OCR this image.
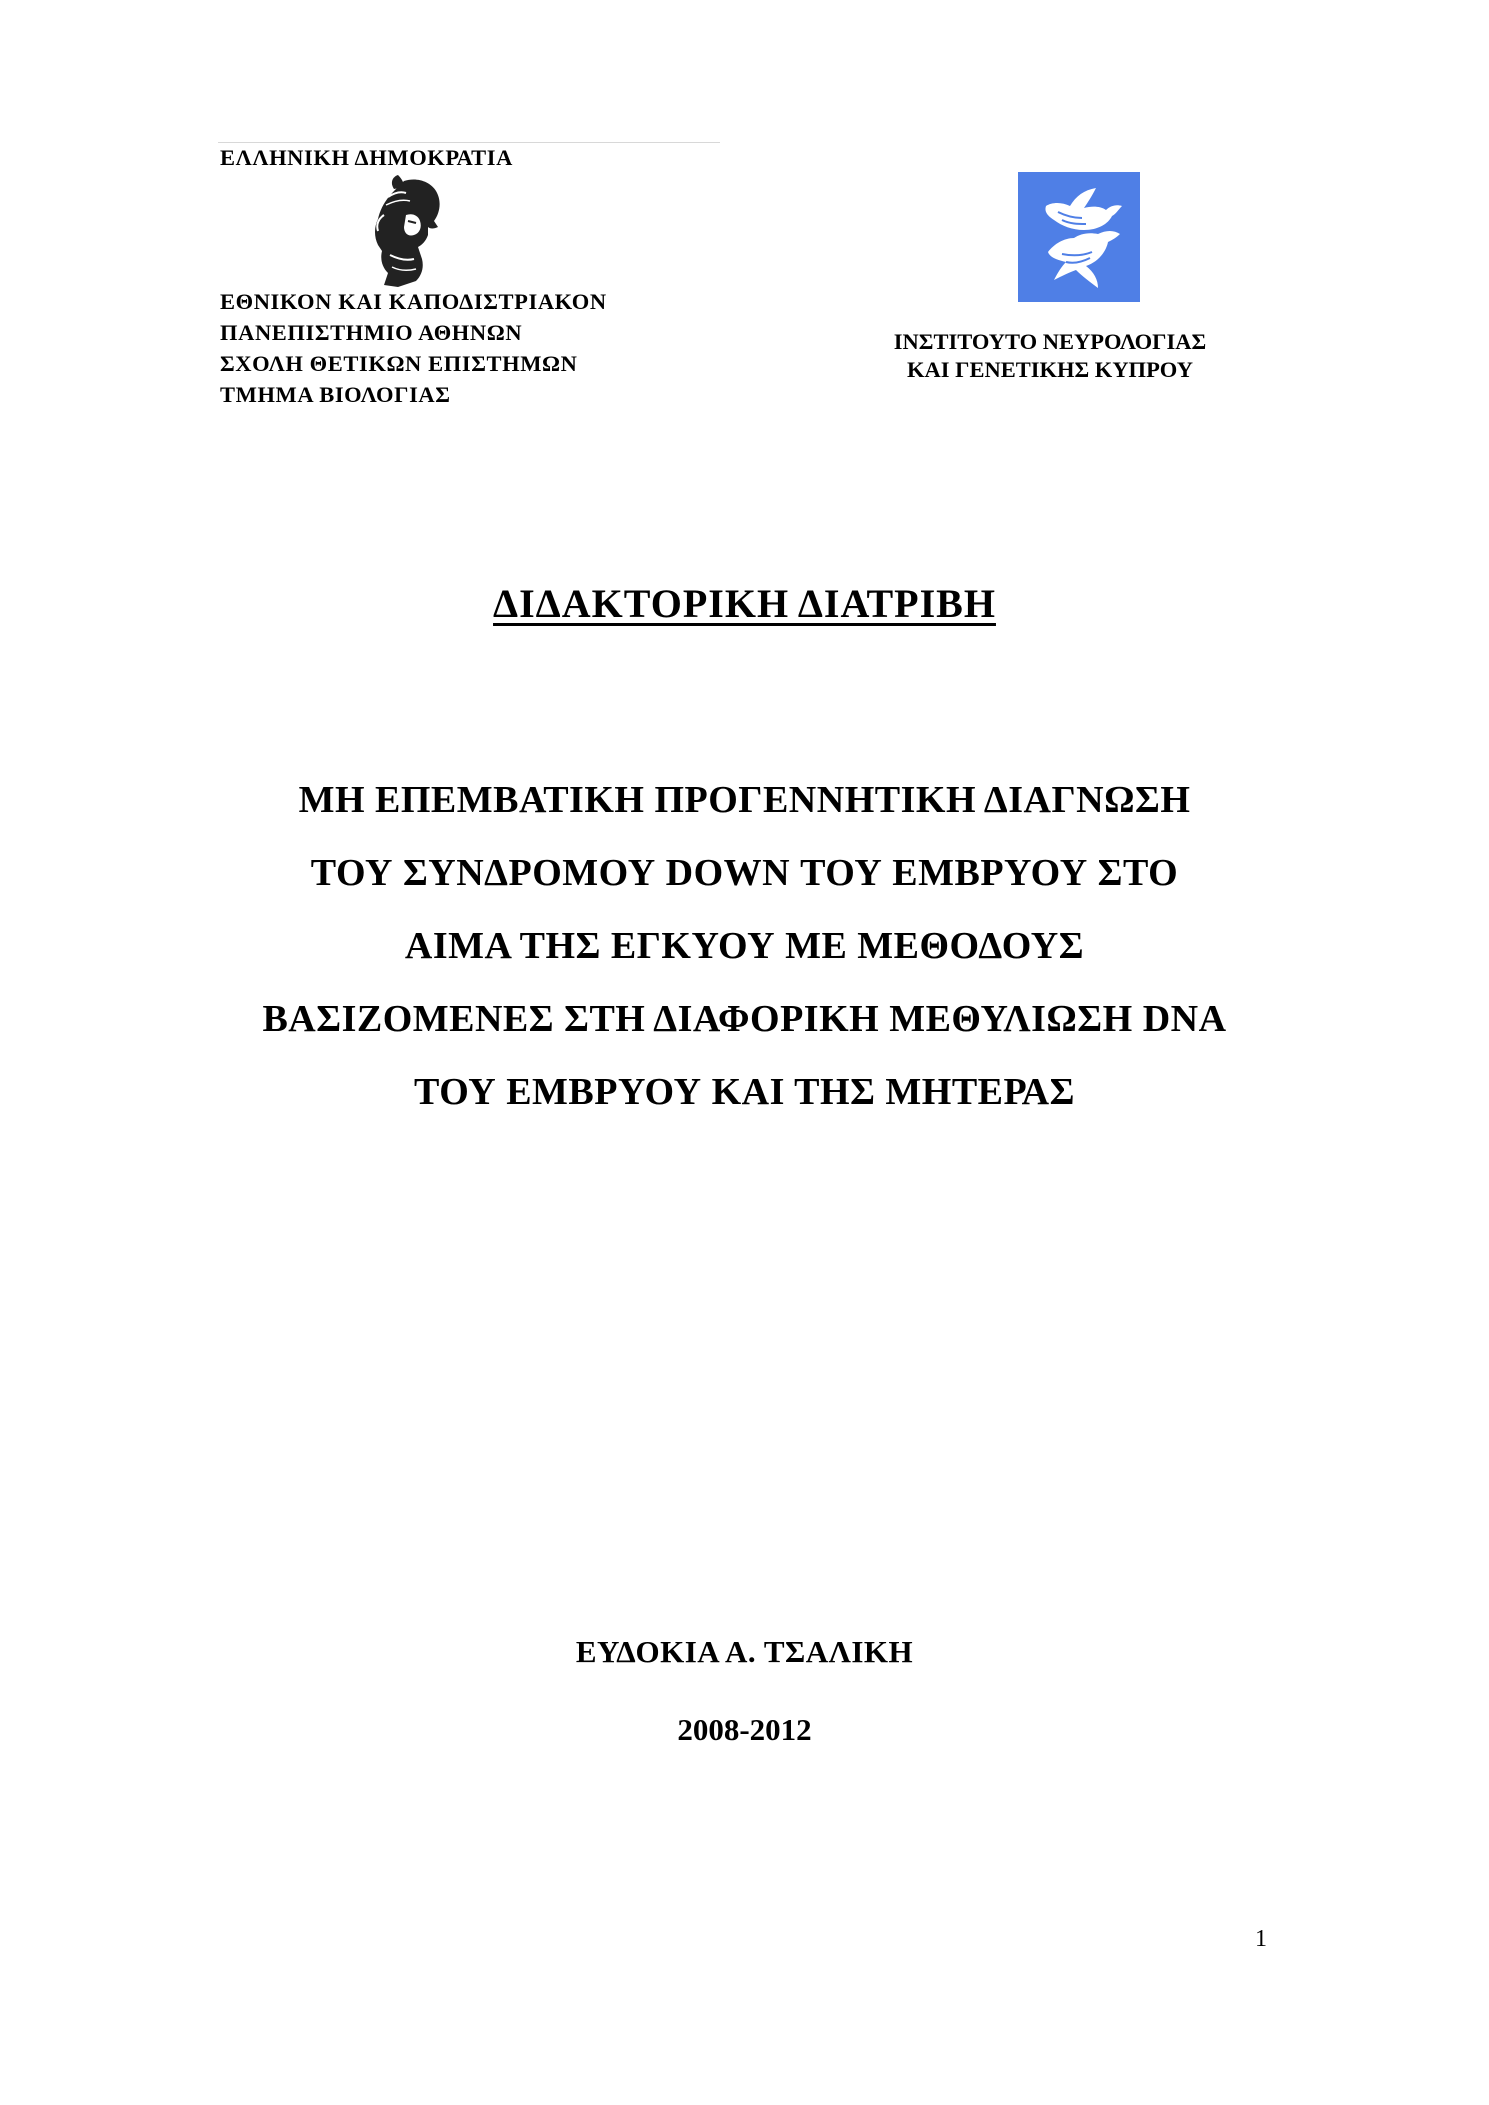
ΕΛΛΗΝΙΚΗ ΔΗΜΟΚΡΑΤΙΑ
ΕΘΝΙΚΟΝ ΚΑΙ ΚΑΠΟΔΙΣΤΡΙΑΚΟΝ
ΠΑΝΕΠΙΣΤΗΜΙΟ ΑΘΗΝΩΝ
ΣΧΟΛΗ ΘΕΤΙΚΩΝ ΕΠΙΣΤΗΜΩΝ
ΤΜΗΜΑ ΒΙΟΛΟΓΙΑΣ
ΙΝΣΤΙΤΟΥΤΟ ΝΕΥΡΟΛΟΓΙΑΣ
ΚΑΙ ΓΕΝΕΤΙΚΗΣ ΚΥΠΡΟΥ
ΔΙΔΑΚΤΟΡΙΚΗ ΔΙΑΤΡΙΒΗ
ΜΗ ΕΠΕΜΒΑΤΙΚΗ ΠΡΟΓΕΝΝΗΤΙΚΗ ΔΙΑΓΝΩΣΗ
ΤΟΥ ΣΥΝΔΡΟΜΟΥ DOWN ΤΟΥ ΕΜΒΡΥΟΥ ΣΤΟ
ΑΙΜΑ ΤΗΣ ΕΓΚΥΟΥ ΜΕ ΜΕΘΟΔΟΥΣ
ΒΑΣΙΖΟΜΕΝΕΣ ΣΤΗ ΔΙΑΦΟΡΙΚΗ ΜΕΘΥΛΙΩΣΗ DNA
ΤΟΥ ΕΜΒΡΥΟΥ ΚΑΙ ΤΗΣ ΜΗΤΕΡΑΣ
ΕΥΔΟΚΙΑ Α. ΤΣΑΛΙΚΗ
2008-2012
1
